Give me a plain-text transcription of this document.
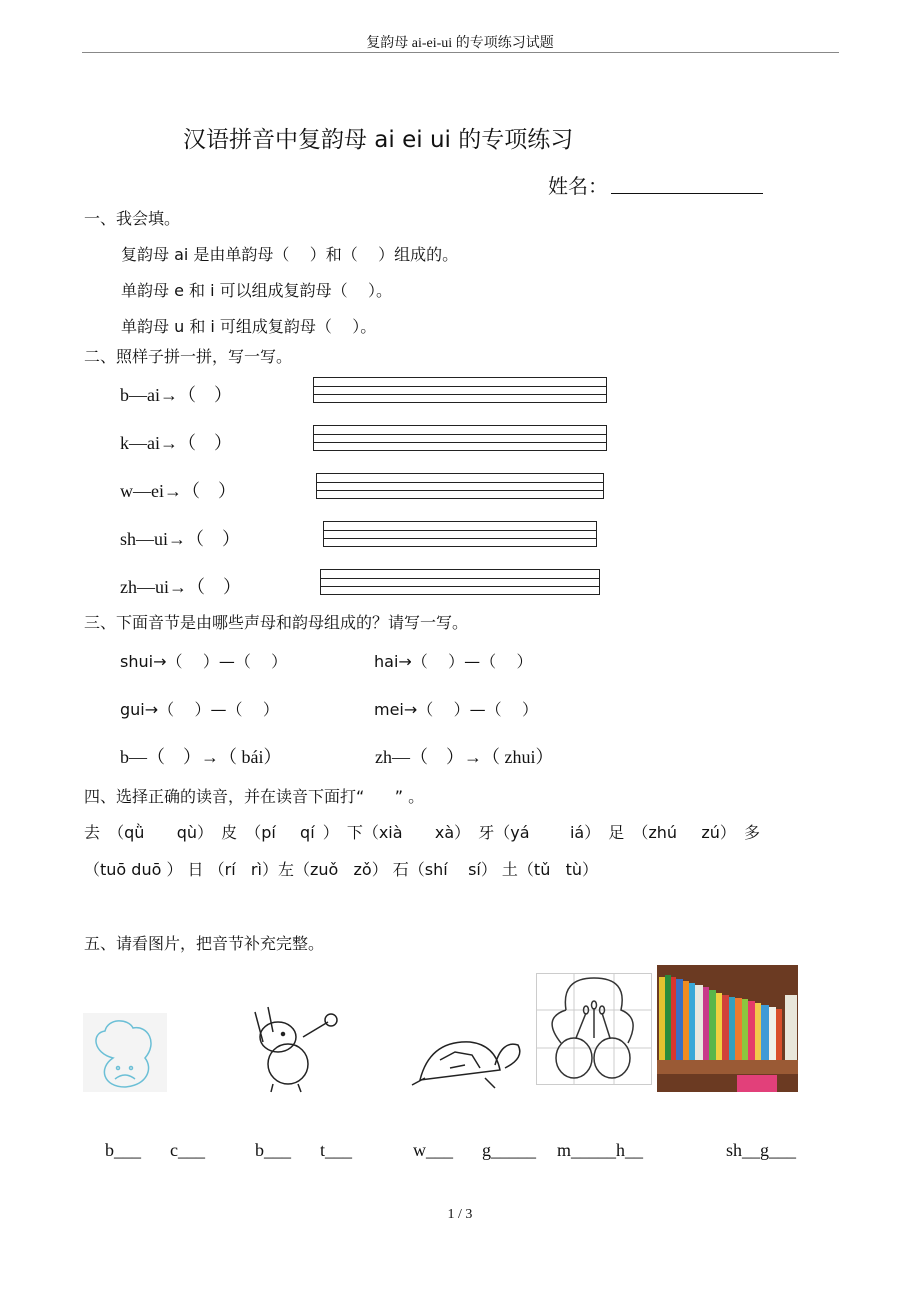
复韵母 ai-ei-ui 的专项练习试题
汉语拼音中复韵母 ai ei ui 的专项练习
姓名：
一、我会填。
复韵母 ai 是由单韵母（    ）和（    ）组成的。
单韵母 e 和 i 可以组成复韵母（    ）。
单韵母 u 和 i 可组成复韵母（    ）。
二、照样子拼一拼，写一写。
b—ai→（    ）
k—ai→（    ）
w—ei→（    ）
sh—ui→（    ）
zh—ui→（    ）
三、下面音节是由哪些声母和韵母组成的？请写一写。
shui→（    ）—（    ）	hai→（    ）—（    ）
gui→（    ）—（    ）	mei→（    ）—（    ）
b—（    ）→（ bái）	zh—（    ）→（ zhui）
四、选择正确的读音，并在读音下面打“      ” 。
去 （qǜ    qù） 皮 （pí   qí ） 下（xià    xà） 牙（yá     iá） 足 （zhú   zú） 多
（tuō duō ） 日 （rí   rì）左（zuǒ   zǒ） 石（shí    sí） 土（tǔ   tù）
五、请看图片，把音节补充完整。
b___ c___	b___ t___	w___ g_____ m_____h__	sh__g___
1 / 3
